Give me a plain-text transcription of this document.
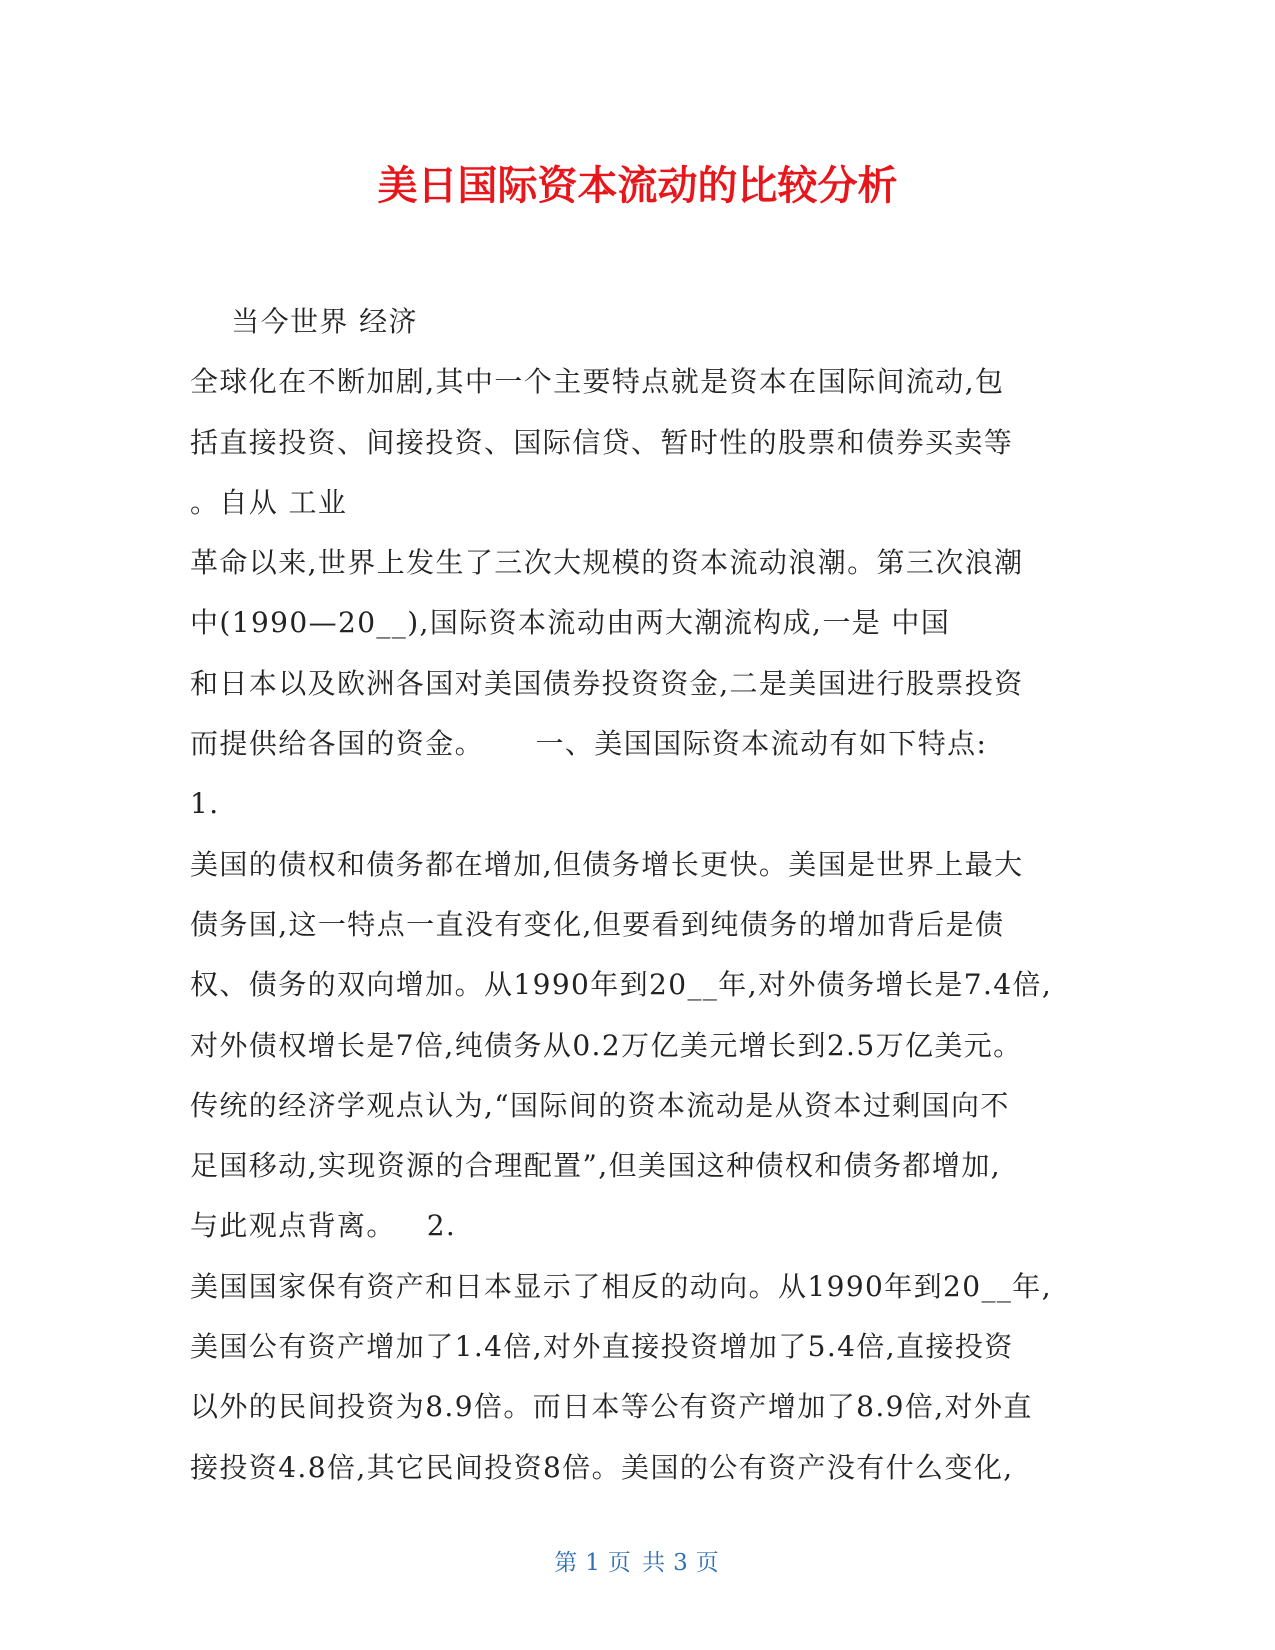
美日国际资本流动的比较分析
当今世界 经济
全球化在不断加剧,其中一个主要特点就是资本在国际间流动,包
括直接投资、间接投资、国际信贷、暂时性的股票和债券买卖等
。自从 工业
革命以来,世界上发生了三次大规模的资本流动浪潮。第三次浪潮
中(1990—20__),国际资本流动由两大潮流构成,一是 中国
和日本以及欧洲各国对美国债券投资资金,二是美国进行股票投资
而提供给各国的资金。     一、美国国际资本流动有如下特点:
1.
美国的债权和债务都在增加,但债务增长更快。美国是世界上最大
债务国,这一特点一直没有变化,但要看到纯债务的增加背后是债
权、债务的双向增加。从1990年到20__年,对外债务增长是7.4倍,
对外债权增长是7倍,纯债务从0.2万亿美元增长到2.5万亿美元。
传统的经济学观点认为,“国际间的资本流动是从资本过剩国向不
足国移动,实现资源的合理配置”,但美国这种债权和债务都增加,
与此观点背离。   2.
美国国家保有资产和日本显示了相反的动向。从1990年到20__年,
美国公有资产增加了1.4倍,对外直接投资增加了5.4倍,直接投资
以外的民间投资为8.9倍。而日本等公有资产增加了8.9倍,对外直
接投资4.8倍,其它民间投资8倍。美国的公有资产没有什么变化,
第 1 页 共 3 页
